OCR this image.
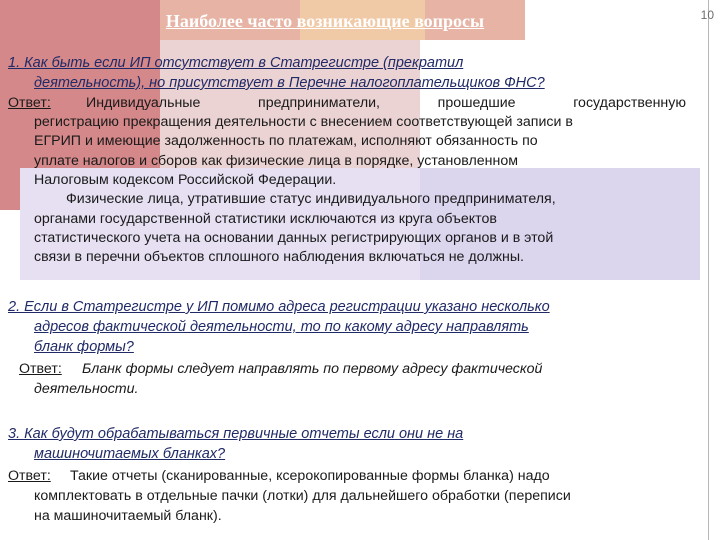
10
Наиболее часто возникающие вопросы
1. Как быть если ИП отсутствует в Статрегистре (прекратил
деятельность), но присутствует в Перечне налогоплательщиков ФНС?
Ответ:	Индивидуальные предприниматели, прошедшие государственную
регистрацию прекращения деятельности с внесением соответствующей записи в
ЕГРИП и имеющие задолженность по платежам, исполняют обязанность по
уплате налогов и сборов как физические лица в порядке, установленном
Налоговым кодексом Российской Федерации.
Физические лица, утратившие статус индивидуального предпринимателя,
органами государственной статистики исключаются из круга объектов
статистического учета на основании данных регистрирующих органов и в этой
связи в перечни объектов сплошного наблюдения включаться не должны.
2. Если в Статрегистре у ИП помимо адреса регистрации указано несколько
адресов фактической деятельности, то по какому адресу направлять
бланк формы?
Ответ: Бланк формы следует направлять по первому адресу фактической
деятельности.
3. Как будут обрабатываться первичные отчеты если они не на
машиночитаемых бланках?
Ответ: Такие отчеты (сканированные, ксерокопированные формы бланка) надо
комплектовать в отдельные пачки (лотки) для дальнейшего обработки (переписи
на машиночитаемый бланк).
